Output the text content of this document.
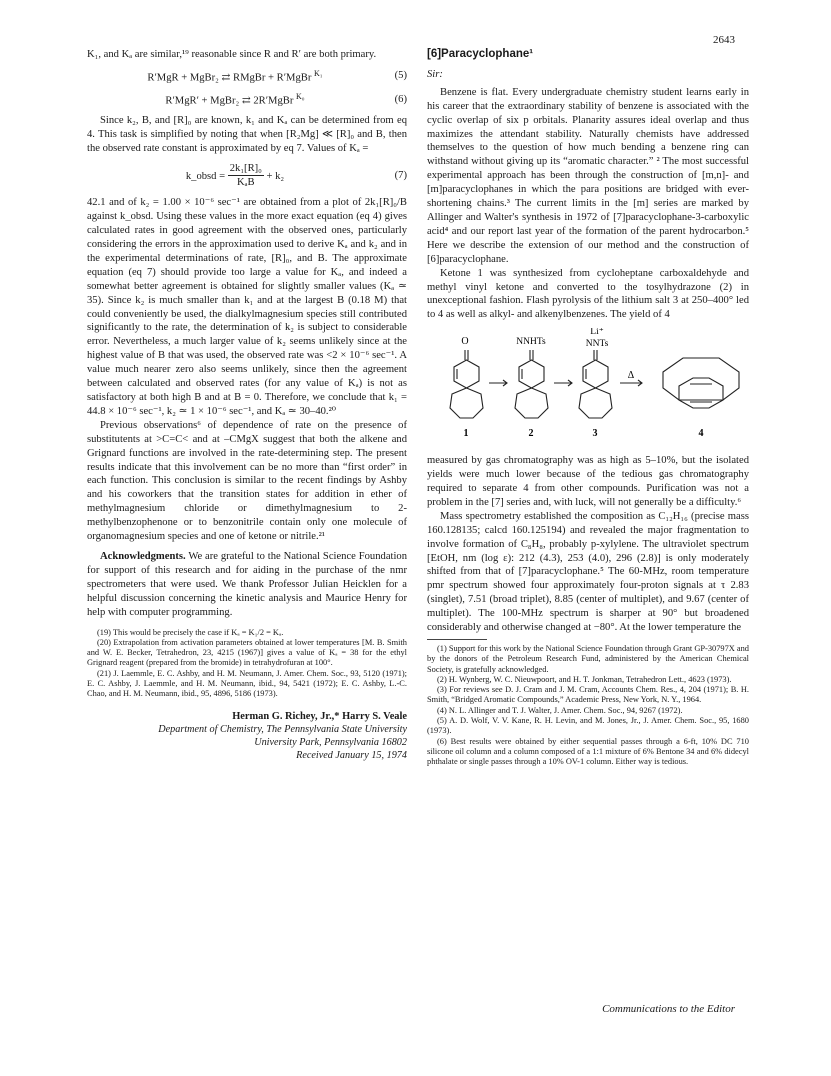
2643

K₁, and Kₐ are similar,¹⁹ reasonable since R and R′ are both primary.

R′MgR + MgBr₂ ⇄ RMgBr + R′MgBr $^{K_1}$	(5)
R′MgR′ + MgBr₂ ⇄ 2R′MgBr $^{K_0}$	(6)

Since k₂, B, and [R]₀ are known, k₁ and Kₐ can be determined from eq 4. This task is simplified by noting that when [R₂Mg] ≪ [R]₀ and B, then the observed rate constant is approximated by eq 7. Values of Kₐ =

k_obsd = $\frac{\text{2k₁[R]₀}}{\text{KₐB}} + k_2$	(7)

42.1 and of k₂ = 1.00 × 10⁻⁶ sec⁻¹ are obtained from a plot of 2k₁[R]₀/B against k_obsd. Using these values in the more exact equation (eq 4) gives calculated rates in good agreement with the observed ones, particularly considering the errors in the approximation used to derive Kₐ and k₂ and in the experimental determinations of rate, [R]₀, and B. The approximate equation (eq 7) should provide too large a value for Kₐ, and indeed a somewhat better agreement is obtained for slightly smaller values (Kₐ ≃ 35). Since k₂ is much smaller than k₁ and at the largest B (0.18 M) that could conveniently be used, the dialkylmagnesium species still contributed significantly to the rate, the determination of k₂ is subject to considerable error. Nevertheless, a much larger value of k₂ seems unlikely since at the highest value of B that was used, the observed rate was <2 × 10⁻⁶ sec⁻¹. A value much nearer zero also seems unlikely, since then the agreement between calculated and observed rates (for any value of Kₐ) is not as satisfactory at both high B and at B = 0. Therefore, we conclude that k₁ = 44.8 × 10⁻⁶ sec⁻¹, k₂ ≃ 1 × 10⁻⁶ sec⁻¹, and Kₐ ≃ 30–40.²⁰

Previous observations⁶ of dependence of rate on the presence of substitutents at >C=C< and at –CMgX suggest that both the alkene and Grignard functions are involved in the rate-determining step. The present results indicate that this involvement can be no more than “first order” in each function. This conclusion is similar to the recent findings by Ashby and his coworkers that the transition states for addition in ether of methylmagnesium chloride or dimethylmagnesium to 2-methylbenzophenone or to benzonitrile contain only one molecule of organomagnesium species and one of ketone or nitrile.²¹

Acknowledgments. We are grateful to the National Science Foundation for support of this research and for aiding in the purchase of the nmr spectrometers that were used. We thank Professor Julian Heicklen for a helpful discussion concerning the kinetic analysis and Maurice Henry for help with computer programming.

(19) This would be precisely the case if Kₐ = K₁/2 = Kₐ.

(20) Extrapolation from activation parameters obtained at lower temperatures [M. B. Smith and W. E. Becker, Tetrahedron, 23, 4215 (1967)] gives a value of Kₐ = 38 for the ethyl Grignard reagent (prepared from the bromide) in tetrahydrofuran at 100°.

(21) J. Laemmle, E. C. Ashby, and H. M. Neumann, J. Amer. Chem. Soc., 93, 5120 (1971); E. C. Ashby, J. Laemmle, and H. M. Neumann, ibid., 94, 5421 (1972); E. C. Ashby, L.-C. Chao, and H. M. Neumann, ibid., 95, 4896, 5186 (1973).

Herman G. Richey, Jr.,* Harry S. Veale
Department of Chemistry, The Pennsylvania State University
University Park, Pennsylvania 16802
Received January 15, 1974
[6]Paracyclophane¹
Sir:

Benzene is flat. Every undergraduate chemistry student learns early in his career that the extraordinary stability of benzene is associated with the cyclic overlap of six p orbitals. Planarity assures ideal overlap and thus maximizes the attendant stability. Naturally chemists have addressed themselves to the question of how much bending a benzene ring can withstand without giving up its “aromatic character.” ² The most successful experimental approach has been through the construction of [m,n]- and [m]paracyclophanes in which the para positions are bridged with ever-shortening chains.³ The current limits in the [m] series are marked by Allinger and Walter's synthesis in 1972 of [7]paracyclophane-3-carboxylic acid⁴ and our report last year of the formation of the parent hydrocarbon.⁵ Here we describe the extension of our method and the construction of [6]paracyclophane.

Ketone 1 was synthesized from cycloheptane carboxaldehyde and methyl vinyl ketone and converted to the tosylhydrazone (2) in unexceptional fashion. Flash pyrolysis of the lithium salt 3 at 250–400° led to 4 as well as alkyl- and alkenylbenzenes. The yield of 4

O	NNHTs
Li⁺
NNTs
Δ
1	2	3	4

measured by gas chromatography was as high as 5–10%, but the isolated yields were much lower because of the tedious gas chromatography required to separate 4 from other compounds. Purification was not a problem in the [7] series and, with luck, will not generally be a difficulty.⁶

Mass spectrometry established the composition as C₁₂H₁₆ (precise mass 160.128135; calcd 160.125194) and revealed the major fragmentation to involve formation of C₈H₈, probably p-xylylene. The ultraviolet spectrum [EtOH, nm (log ε): 212 (4.3), 253 (4.0), 296 (2.8)] is only moderately shifted from that of [7]paracyclophane.⁵ The 60-MHz, room temperature pmr spectrum showed four approximately four-proton signals at τ 2.83 (singlet), 7.51 (broad triplet), 8.85 (center of multiplet), and 9.67 (center of multiplet). The 100-MHz spectrum is sharper at 90° but broadened considerably and otherwise changed at −80°. At the lower temperature the

(1) Support for this work by the National Science Foundation through Grant GP-30797X and by the donors of the Petroleum Research Fund, administered by the American Chemical Society, is gratefully acknowledged.

(2) H. Wynberg, W. C. Nieuwpoort, and H. T. Jonkman, Tetrahedron Lett., 4623 (1973).

(3) For reviews see D. J. Cram and J. M. Cram, Accounts Chem. Res., 4, 204 (1971); B. H. Smith, “Bridged Aromatic Compounds,” Academic Press, New York, N. Y., 1964.

(4) N. L. Allinger and T. J. Walter, J. Amer. Chem. Soc., 94, 9267 (1972).

(5) A. D. Wolf, V. V. Kane, R. H. Levin, and M. Jones, Jr., J. Amer. Chem. Soc., 95, 1680 (1973).

(6) Best results were obtained by either sequential passes through a 6-ft, 10% DC 710 silicone oil column and a column composed of a 1:1 mixture of 6% Bentone 34 and 6% didecyl phthalate or single passes through a 10% OV-1 column. Either way is tedious.

Communications to the Editor
